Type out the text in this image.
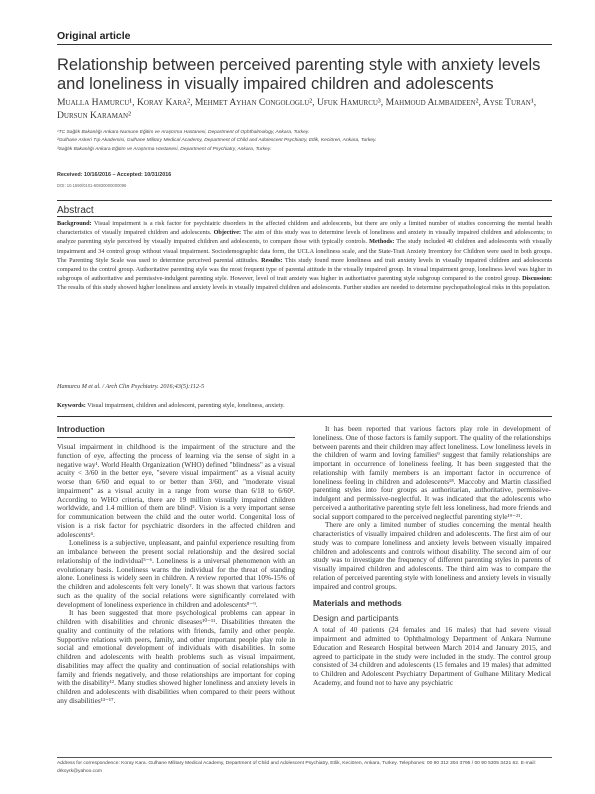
Original article
Relationship between perceived parenting style with anxiety levels and loneliness in visually impaired children and adolescents
Mualla Hamurcu¹, Koray Kara², Mehmet Ayhan Congologlu², Ufuk Hamurcu³, Mahmoud Almbaideen², Ayse Turan¹, Dursun Karaman²
¹TC Sağlık Bakanlığı Ankara Numune Eğitim ve Araştırma Hastanesi, Department of Ophthalmology, Ankara, Turkey.
²Gulhane Askeri Tıp Akademisi, Gulhane Military Medical Academy, Department of Child and Adolescent Psychiatry, Etlik, Keciören, Ankara, Turkey.
³Sağlık Bakanlığı Ankara Eğitim ve Araştırma Hastanesi, Department of Psychiatry, Ankara, Turkey.
Received: 10/16/2016 – Accepted: 10/31/2016
DOI: 10.1590/0101-60830000000096
Abstract
Background: Visual impairment is a risk factor for psychiatric disorders in the affected children and adolescents, but there are only a limited number of studies concerning the mental health characteristics of visually impaired children and adolescents. Objective: The aim of this study was to determine levels of loneliness and anxiety in visually impaired children and adolescents; to analyze parenting style perceived by visually impaired children and adolescents, to compare those with typically controls. Methods: The study included 40 children and adolescents with visually impairment and 34 control group without visual impairment. Sociodemographic data form, the UCLA loneliness scale, and the State-Trait Anxiety Inventory for Children were used in both groups. The Parenting Style Scale was used to determine perceived parental attitudes. Results: This study found more loneliness and trait anxiety levels in visually impaired children and adolescents compared to the control group. Authoritative parenting style was the most frequent type of parental attitude in the visually impaired group. In visual impairment group, loneliness level was higher in subgroups of authoritative and permissive-indulgent parenting style. However, level of trait anxiety was higher in authoritative parenting style subgroup compared to the control group. Discussion: The results of this study showed higher loneliness and anxiety levels in visually impaired children and adolescents. Further studies are needed to determine psychopathological risks in this population.
Hamurcu M et al. / Arch Clin Psychiatry. 2016;43(5):112-5
Keywords: Visual impairment, children and adolescent, parenting style, loneliness, anxiety.
Introduction

Visual impairment in childhood is the impairment of the structure and the function of eye, affecting the process of learning via the sense of sight in a negative way¹. World Health Organization (WHO) defined "blindness" as a visual acuity < 3/60 in the better eye, "severe visual impairment" as a visual acuity worse than 6/60 and equal to or better than 3/60, and "moderate visual impairment" as a visual acuity in a range from worse than 6/18 to 6/60². According to WHO criteria, there are 19 million visually impaired children worldwide, and 1.4 million of them are blind³. Vision is a very important sense for communication between the child and the outer world. Congenital loss of vision is a risk factor for psychiatric disorders in the affected children and adolescents⁴.

Loneliness is a subjective, unpleasant, and painful experience resulting from an imbalance between the present social relationship and the desired social relationship of the individual⁵⁻⁶. Loneliness is a universal phenomenon with an evolutionary basis. Loneliness warns the individual for the threat of standing alone. Loneliness is widely seen in children. A review reported that 10%-15% of the children and adolescents felt very lonely⁷. It was shown that various factors such as the quality of the social relations were significantly correlated with development of loneliness experience in children and adolescents⁸⁻⁹.

It has been suggested that more psychological problems can appear in children with disabilities and chronic diseases¹⁰⁻¹¹. Disabilities threaten the quality and continuity of the relations with friends, family and other people. Supportive relations with peers, family, and other important people play role in social and emotional development of individuals with disabilities. In some children and adolescents with health problems such as visual impairment, disabilities may affect the quality and continuation of social relationships with family and friends negatively, and those relationships are important for coping with the disability¹². Many studies showed higher loneliness and anxiety levels in children and adolescents with disabilities when compared to their peers without any disabilities¹³⁻¹⁷.

It has been reported that various factors play role in development of loneliness. One of those factors is family support. The quality of the relationships between parents and their children may affect loneliness. Low loneliness levels in the children of warm and loving families⁹ suggest that family relationships are important in occurrence of loneliness feeling. It has been suggested that the relationship with family members is an important factor in occurrence of loneliness feeling in children and adolescents¹⁸. Maccoby and Martin classified parenting styles into four groups as authoritarian, authoritative, permissive-indulgent and permissive-neglectful. It was indicated that the adolescents who perceived a authoritative parenting style felt less loneliness, had more friends and social support compared to the perceived neglectful parenting style¹⁹⁻²¹.

There are only a limited number of studies concerning the mental health characteristics of visually impaired children and adolescents. The first aim of our study was to compare loneliness and anxiety levels between visually impaired children and adolescents and controls without disability. The second aim of our study was to investigate the frequency of different parenting styles in parents of visually impaired children and adolescents. The third aim was to compare the relation of perceived parenting style with loneliness and anxiety levels in visually impaired and control groups.

Materials and methods
Design and participants

A total of 40 patients (24 females and 16 males) that had severe visual impairment and admitted to Ophthalmology Department of Ankara Numune Education and Research Hospital between March 2014 and January 2015, and agreed to participate in the study were included in the study. The control group consisted of 34 children and adolescents (15 females and 19 males) that admitted to Children and Adolescent Psychiatry Department of Gulhane Military Medical Academy, and found not to have any psychiatric

Address for correspondence: Koray Kara. Gulhane Military Medical Academy, Department of Child and Adolescent Psychiatry, Etlik, Keciören, Ankara, Turkey. Telephones: 00 90 312 304 3795 / 00 90 5305 3421 62. E-mail: drkoyrk@yahoo.com
